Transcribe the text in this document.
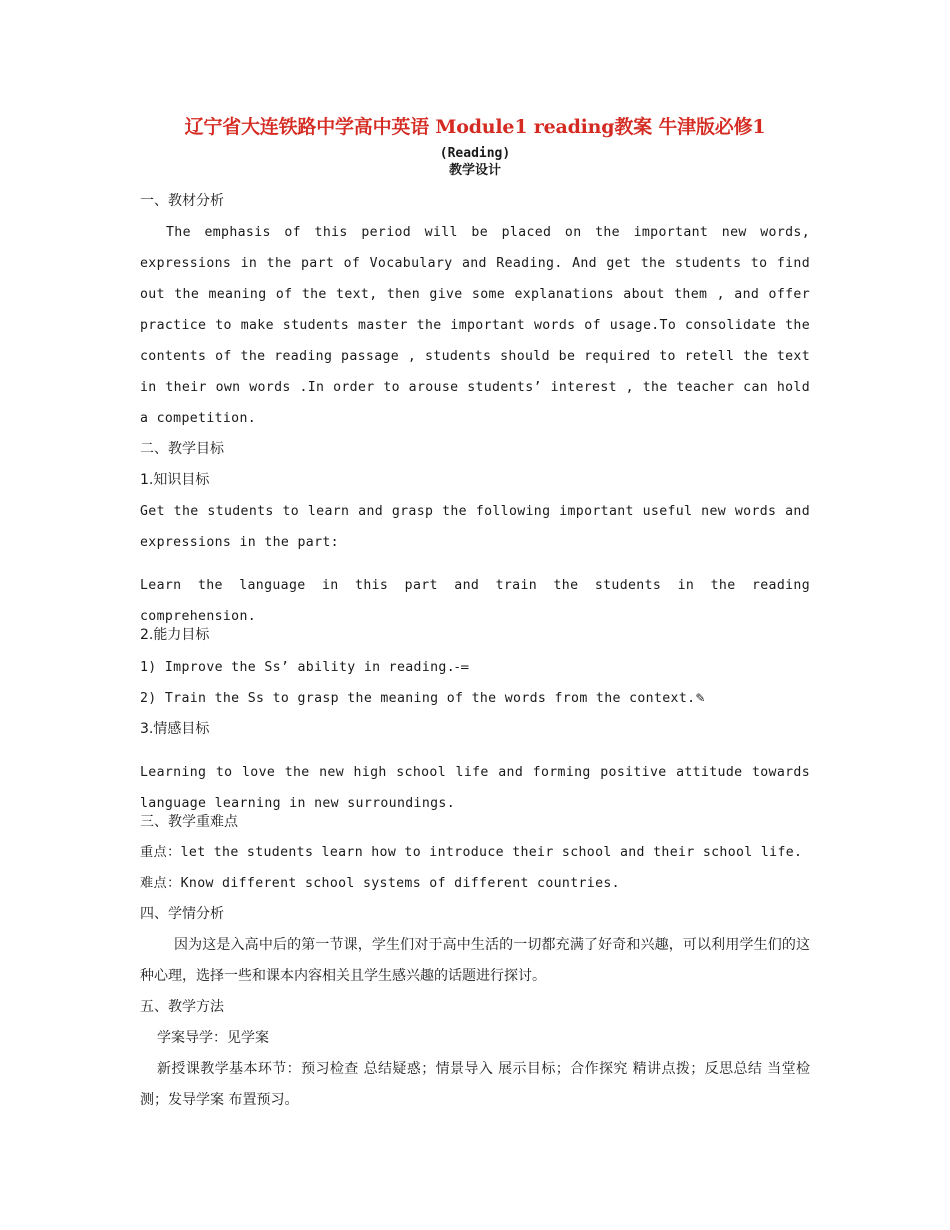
辽宁省大连铁路中学高中英语 Module1 reading教案 牛津版必修1
(Reading)
教学设计
一、教材分析

The emphasis of this period will be placed on the important new words, expressions in the part of Vocabulary and Reading. And get the students to find out the meaning of the text, then give some explanations about them , and offer practice to make students master the important words of usage.To consolidate the contents of the reading passage , students should be required to retell the text in their own words .In order to arouse students’ interest , the teacher can hold a competition.

二、教学目标
1.知识目标

Get the students to learn and grasp the following important useful new words and expressions in the part:

Learn the language in this part and train the students in the reading comprehension.

2.能力目标

1) Improve the Ss’ ability in reading.-=

2) Train the Ss to grasp the meaning of the words from the context.✎

3.情感目标

Learning to love the new high school life and forming positive attitude towards language learning in new surroundings.

三、教学重难点

重点：let the students learn how to introduce their school and their school life.

难点：Know different school systems of different countries.

四、学情分析

因为这是入高中后的第一节课，学生们对于高中生活的一切都充满了好奇和兴趣，可以利用学生们的这种心理，选择一些和课本内容相关且学生感兴趣的话题进行探讨。

五、教学方法

学案导学：见学案

新授课教学基本环节：预习检查 总结疑惑；情景导入 展示目标；合作探究 精讲点拨；反思总结 当堂检测；发导学案 布置预习。
